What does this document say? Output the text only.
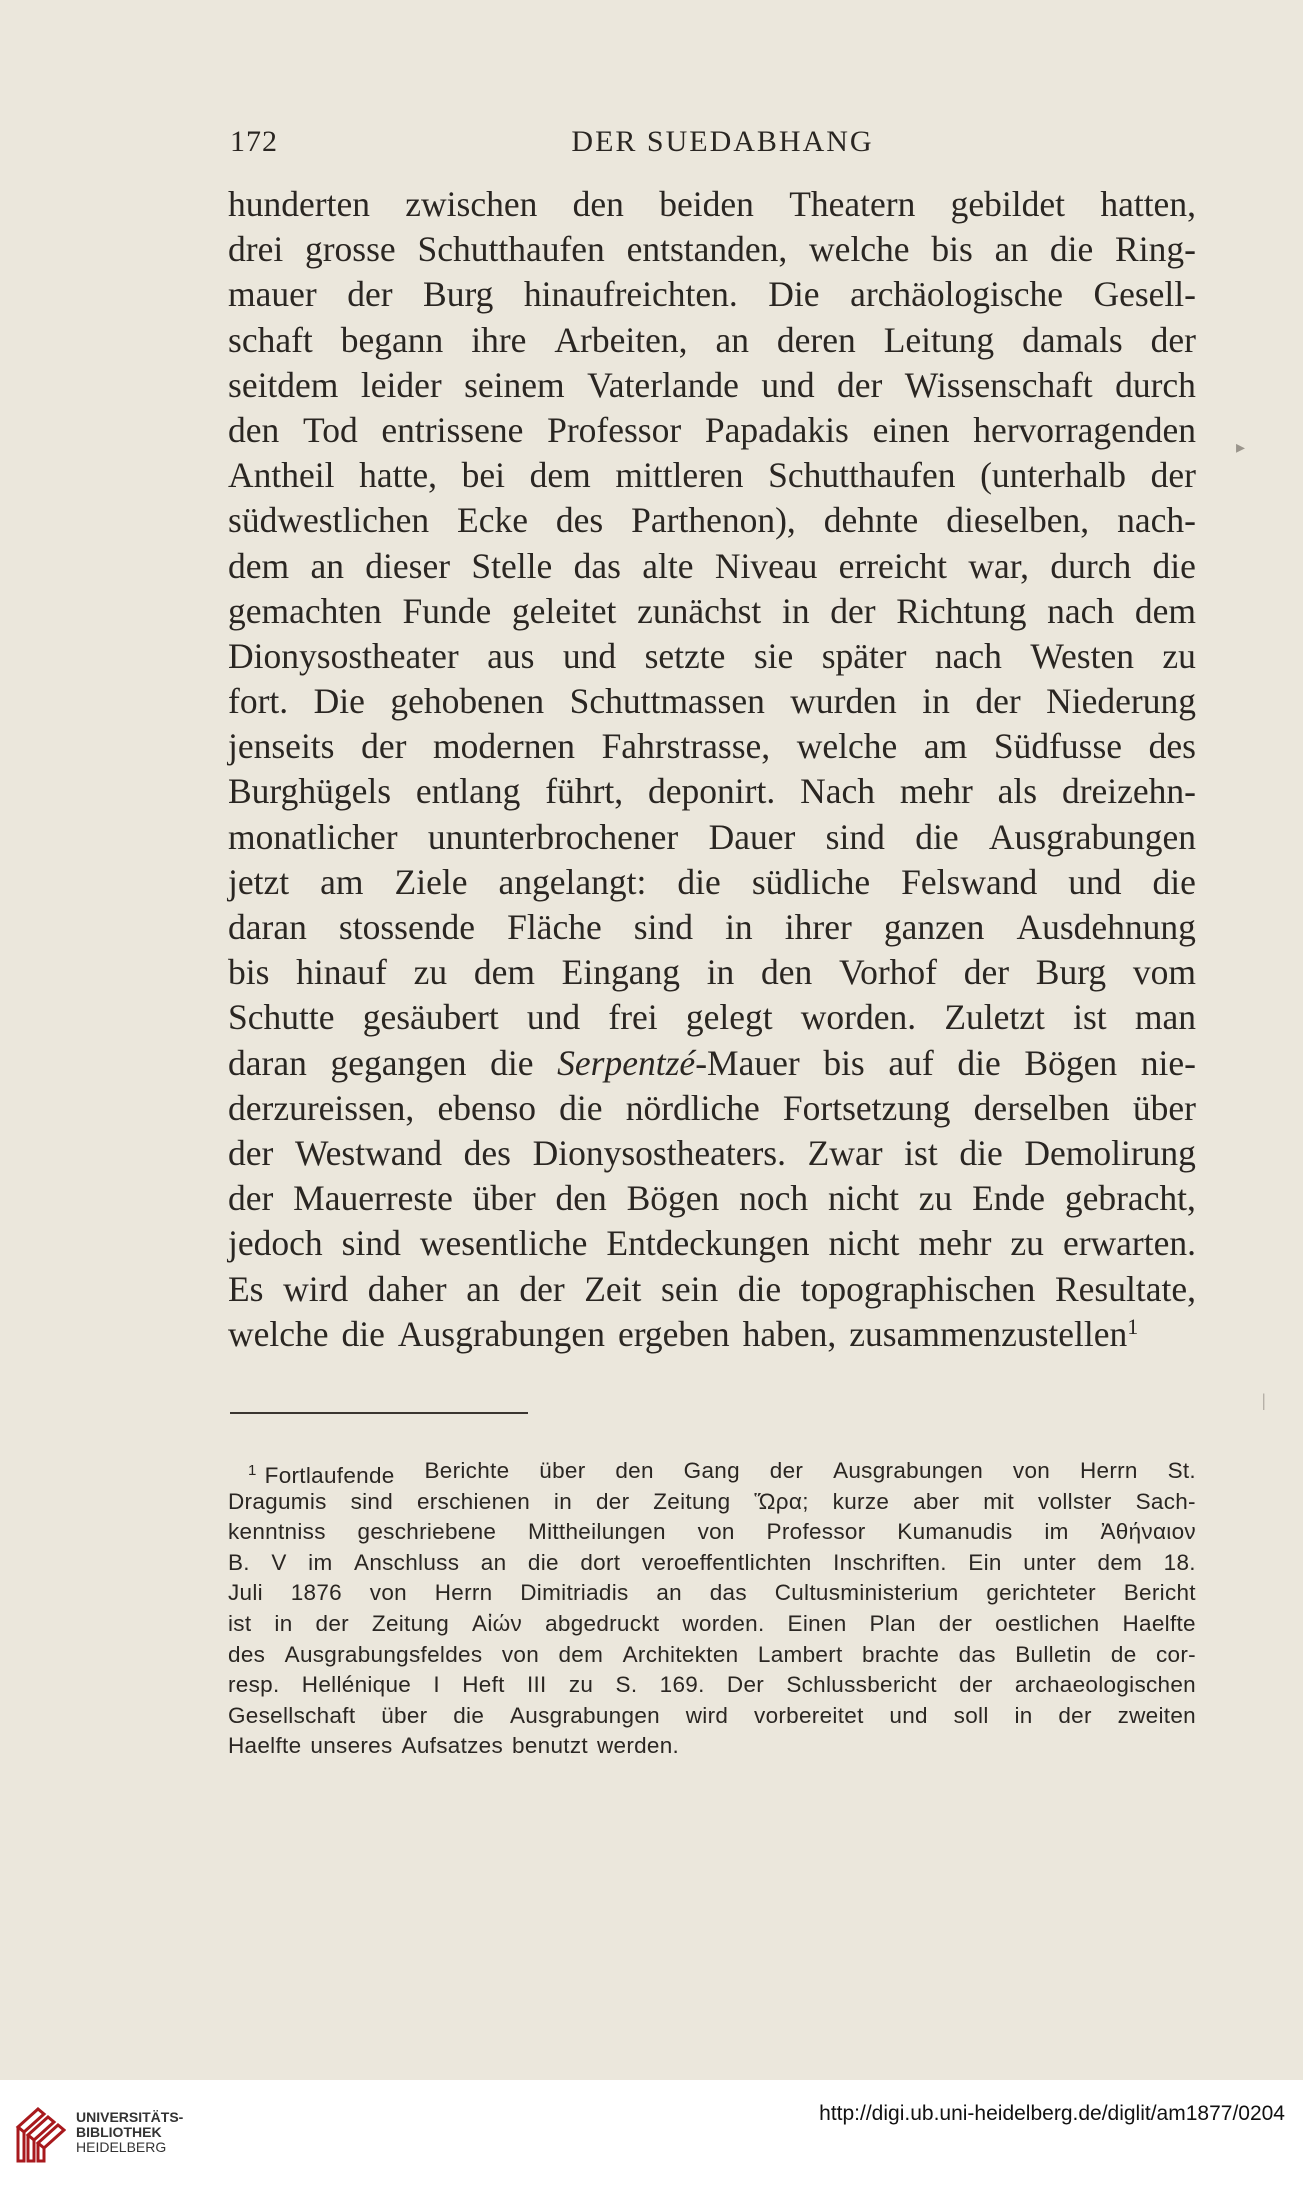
172	DER SUEDABHANG
hunderten zwischen den beiden Theatern gebildet hatten,
drei grosse Schutthaufen entstanden, welche bis an die Ring-
mauer der Burg hinaufreichten. Die archäologische Gesell-
schaft begann ihre Arbeiten, an deren Leitung damals der
seitdem leider seinem Vaterlande und der Wissenschaft durch
den Tod entrissene Professor Papadakis einen hervorragenden
Antheil hatte, bei dem mittleren Schutthaufen (unterhalb der
südwestlichen Ecke des Parthenon), dehnte dieselben, nach-
dem an dieser Stelle das alte Niveau erreicht war, durch die
gemachten Funde geleitet zunächst in der Richtung nach dem
Dionysostheater aus und setzte sie später nach Westen zu
fort. Die gehobenen Schuttmassen wurden in der Niederung
jenseits der modernen Fahrstrasse, welche am Südfusse des
Burghügels entlang führt, deponirt. Nach mehr als dreizehn-
monatlicher ununterbrochener Dauer sind die Ausgrabungen
jetzt am Ziele angelangt: die südliche Felswand und die
daran stossende Fläche sind in ihrer ganzen Ausdehnung
bis hinauf zu dem Eingang in den Vorhof der Burg vom
Schutte gesäubert und frei gelegt worden. Zuletzt ist man
daran gegangen die Serpentzé-Mauer bis auf die Bögen nie-
derzureissen, ebenso die nördliche Fortsetzung derselben über
der Westwand des Dionysostheaters. Zwar ist die Demolirung
der Mauerreste über den Bögen noch nicht zu Ende gebracht,
jedoch sind wesentliche Entdeckungen nicht mehr zu erwarten.
Es wird daher an der Zeit sein die topographischen Resultate,
welche die Ausgrabungen ergeben haben, zusammenzustellen$^1$
$^1$ Fortlaufende Berichte über den Gang der Ausgrabungen von Herrn St.
Dragumis sind erschienen in der Zeitung Ὥρα; kurze aber mit vollster Sach-
kenntniss geschriebene Mittheilungen von Professor Kumanudis im Ἀθήναιον
B. V im Anschluss an die dort veroeffentlichten Inschriften. Ein unter dem 18.
Juli 1876 von Herrn Dimitriadis an das Cultusministerium gerichteter Bericht
ist in der Zeitung Αἰών abgedruckt worden. Einen Plan der oestlichen Haelfte
des Ausgrabungsfeldes von dem Architekten Lambert brachte das Bulletin de cor-
resp. Hellénique I Heft III zu S. 169. Der Schlussbericht der archaeologischen
Gesellschaft über die Ausgrabungen wird vorbereitet und soll in der zweiten
Haelfte unseres Aufsatzes benutzt werden.
▸
|
UNIVERSITÄTS-
BIBLIOTHEK
HEIDELBERG
http://digi.ub.uni-heidelberg.de/diglit/am1877/0204
